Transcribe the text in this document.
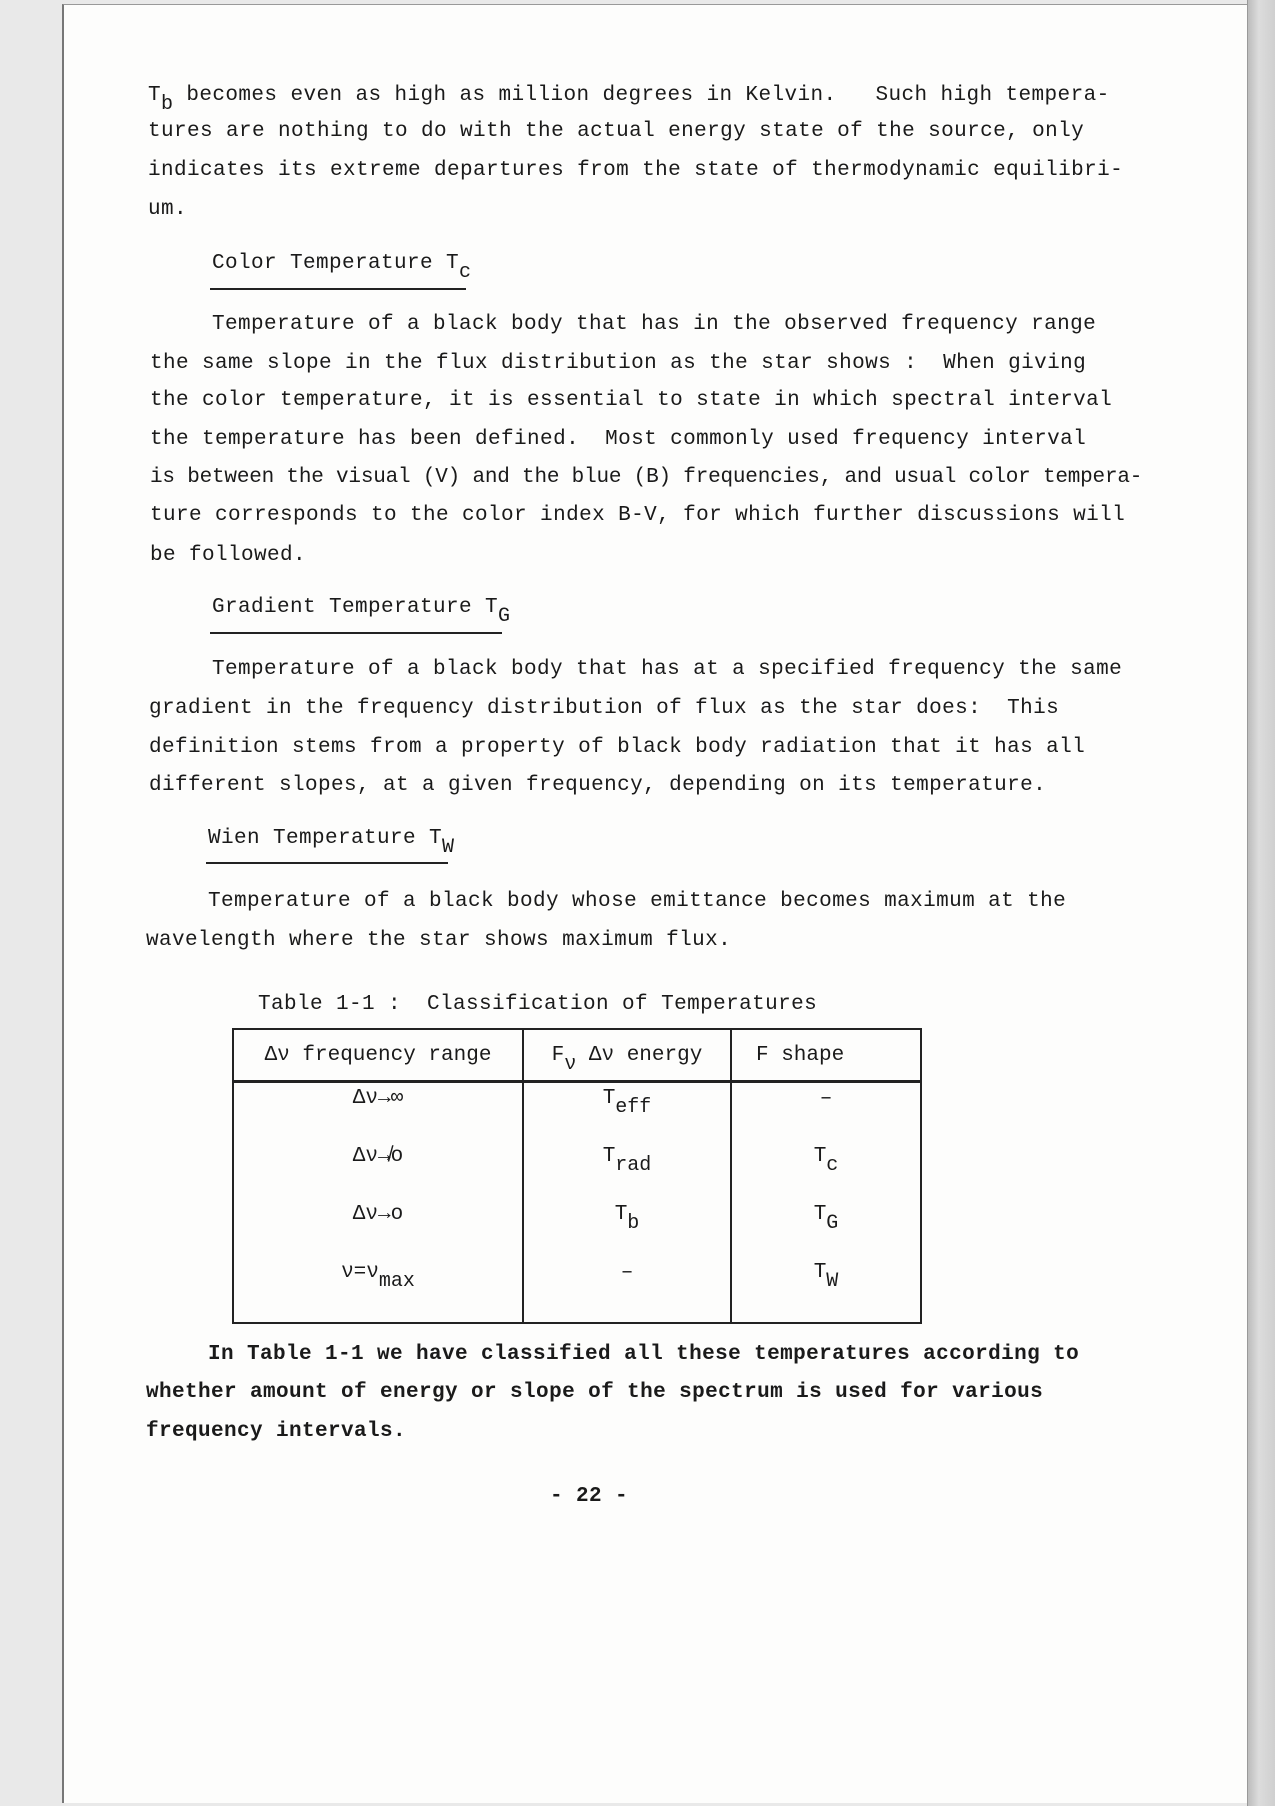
$T_b$ becomes even as high as million degrees in Kelvin.   Such high tempera-
tures are nothing to do with the actual energy state of the source, only
indicates its extreme departures from the state of thermodynamic equilibri-
um.
Color Temperature $T_c$
Temperature of a black body that has in the observed frequency range
the same slope in the flux distribution as the star shows :  When giving
the color temperature, it is essential to state in which spectral interval
the temperature has been defined.  Most commonly used frequency interval
is between the visual (V) and the blue (B) frequencies, and usual color tempera-
ture corresponds to the color index B-V, for which further discussions will
be followed.
Gradient Temperature $T_G$
Temperature of a black body that has at a specified frequency the same
gradient in the frequency distribution of flux as the star does:  This
definition stems from a property of black body radiation that it has all
different slopes, at a given frequency, depending on its temperature.
Wien Temperature $T_W$
Temperature of a black body whose emittance becomes maximum at the
wavelength where the star shows maximum flux.
Table 1-1 :  Classification of Temperatures
Δν frequency range	$F_\nu$ Δν energy	F shape
Δν→∞	$T_{eff}$	–
Δν↛o	$T_{rad}$	$T_c$
Δν→o	$T_b$	$T_G$
$\nu=\nu_{max}$	–	$T_W$
In Table 1-1 we have classified all these temperatures according to
whether amount of energy or slope of the spectrum is used for various
frequency intervals.
- 22 -
